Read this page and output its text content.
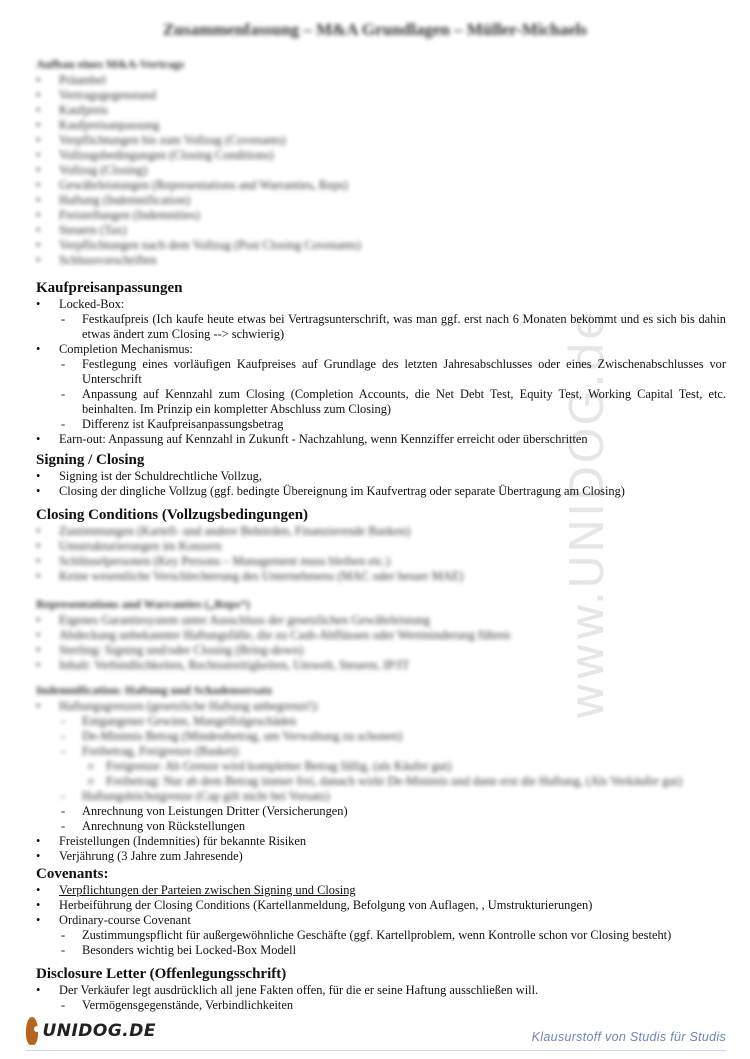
www.UNIDOG.de
Zusammenfassung – M&A Grundlagen – Müller-Michaels
Aufbau eines M&A-Vertrags
• Präambel
• Vertragsgegenstand
• Kaufpreis
• Kaufpreisanpassung
• Verpflichtungen bis zum Vollzug (Covenants)
• Vollzugsbedingungen (Closing Conditions)
• Vollzug (Closing)
• Gewährleistungen (Representations and Warranties, Reps)
• Haftung (Indemnification)
• Freistellungen (Indemnities)
• Steuern (Tax)
• Verpflichtungen nach dem Vollzug (Post Closing Covenants)
• Schlussvorschriften
Kaufpreisanpassungen
• Locked-Box:
- Festkaufpreis (Ich kaufe heute etwas bei Vertragsunterschrift, was man ggf. erst nach 6 Monaten bekommt und es sich bis dahin etwas ändert zum Closing --> schwierig)
• Completion Mechanismus:
- Festlegung eines vorläufigen Kaufpreises auf Grundlage des letzten Jahresabschlusses oder eines Zwischenabschlusses vor Unterschrift
- Anpassung auf Kennzahl zum Closing (Completion Accounts, die Net Debt Test, Equity Test, Working Capital Test, etc. beinhalten. Im Prinzip ein kompletter Abschluss zum Closing)
- Differenz ist Kaufpreisanpassungsbetrag
• Earn-out: Anpassung auf Kennzahl in Zukunft - Nachzahlung, wenn Kennziffer erreicht oder überschritten
Signing / Closing
• Signing ist der Schuldrechtliche Vollzug,
• Closing der dingliche Vollzug (ggf. bedingte Übereignung im Kaufvertrag oder separate Übertragung am Closing)
Closing Conditions (Vollzugsbedingungen)
• Zustimmungen (Kartell- und andere Behörden, Finanzierende Banken)
• Umstrukturierungen im Konzern
• Schlüsselpersonen (Key Persons – Management muss bleiben etc.)
• Keine wesentliche Verschlechterung des Unternehmens (MAC oder besser MAE)
Representations and Warranties („Reps“)
• Eigenes Garantiesystem unter Ausschluss der gesetzlichen Gewährleistung
• Abdeckung unbekannter Haftungsfälle, die zu Cash-Abflüssen oder Wertminderung führen
• Sterling: Signing und/oder Closing (Bring-down)
• Inhalt: Verbindlichkeiten, Rechtsstreitigkeiten, Umwelt, Steuern, IP/IT
Indemnification: Haftung und Schadensersatz
• Haftungsgrenzen (gesetzliche Haftung unbegrenzt!):
- Entgangener Gewinn, Mangelfolgeschäden
- De-Minimis Betrag (Mindestbetrag, um Verwaltung zu schonen)
- Freibetrag, Freigrenze (Basket):
o Freigrenze: Ab Grenze wird kompletter Betrag fällig, (als Käufer gut)
o Freibetrag: Nur ab dem Betrag immer frei, danach wirkt De-Minimis und dann erst die Haftung, (Als Verkäufer gut)
- Haftungshöchstgrenze (Cap gilt nicht bei Vorsatz)
- Anrechnung von Leistungen Dritter (Versicherungen)
- Anrechnung von Rückstellungen
• Freistellungen (Indemnities) für bekannte Risiken
• Verjährung (3 Jahre zum Jahresende)
Covenants:
• Verpflichtungen der Parteien zwischen Signing und Closing
• Herbeiführung der Closing Conditions (Kartellanmeldung, Befolgung von Auflagen, , Umstrukturierungen)
• Ordinary-course Covenant
- Zustimmungspflicht für außergewöhnliche Geschäfte (ggf. Kartellproblem, wenn Kontrolle schon vor Closing besteht)
- Besonders wichtig bei Locked-Box Modell
Disclosure Letter (Offenlegungsschrift)
• Der Verkäufer legt ausdrücklich all jene Fakten offen, für die er seine Haftung ausschließen will.
- Vermögensgegenstände, Verbindlichkeiten
UNIDOG.DE	Klausurstoff von Studis für Studis
